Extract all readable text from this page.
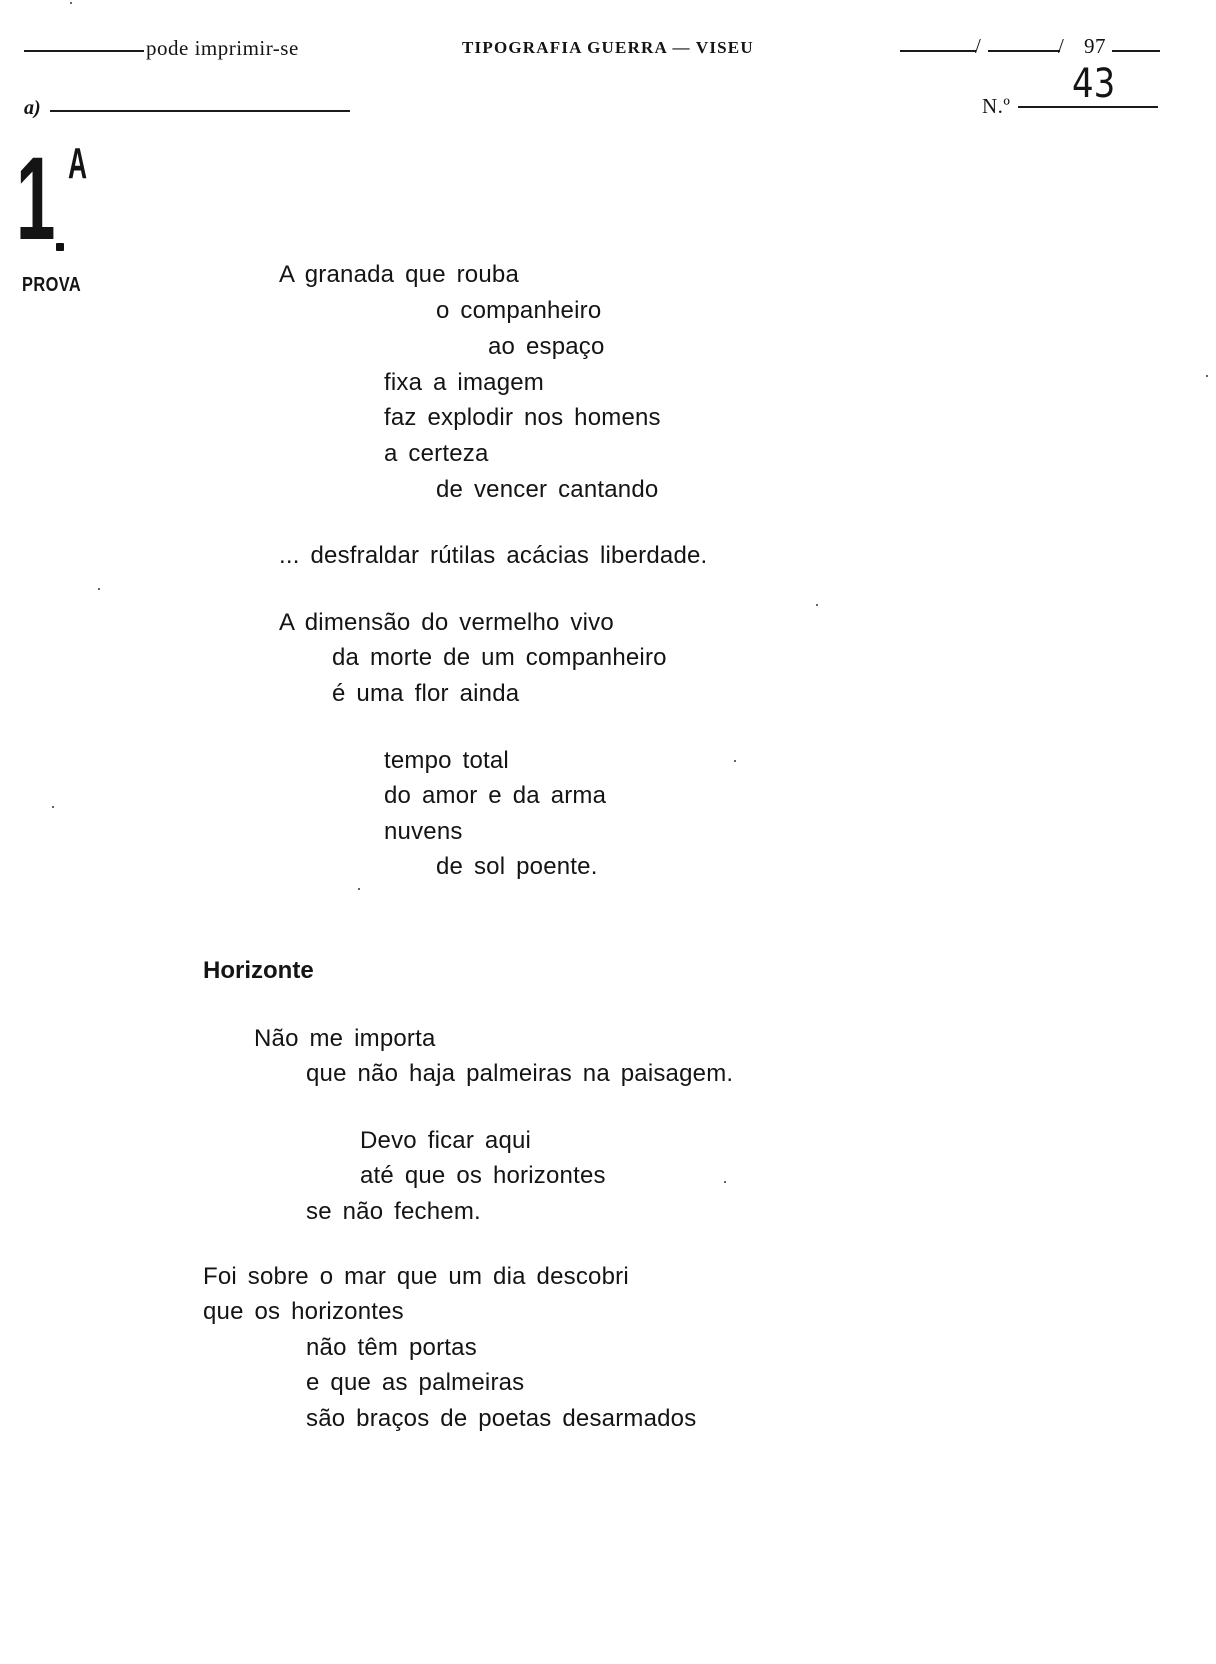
pode imprimir-se	TIPOGRAFIA GUERRA — VISEU	/	/ 97
a)	N.º 43
1 A
PROVA	A granada que rouba
o companheiro
ao espaço
fixa a imagem
faz explodir nos homens
a certeza
de vencer cantando
... desfraldar rútilas acácias liberdade.
A dimensão do vermelho vivo
da morte de um companheiro
é uma flor ainda
tempo total
do amor e da arma
nuvens
de sol poente.
Horizonte
Não me importa
que não haja palmeiras na paisagem.
Devo ficar aqui
até que os horizontes
se não fechem.
Foi sobre o mar que um dia descobri
que os horizontes
não têm portas
e que as palmeiras
são braços de poetas desarmados
